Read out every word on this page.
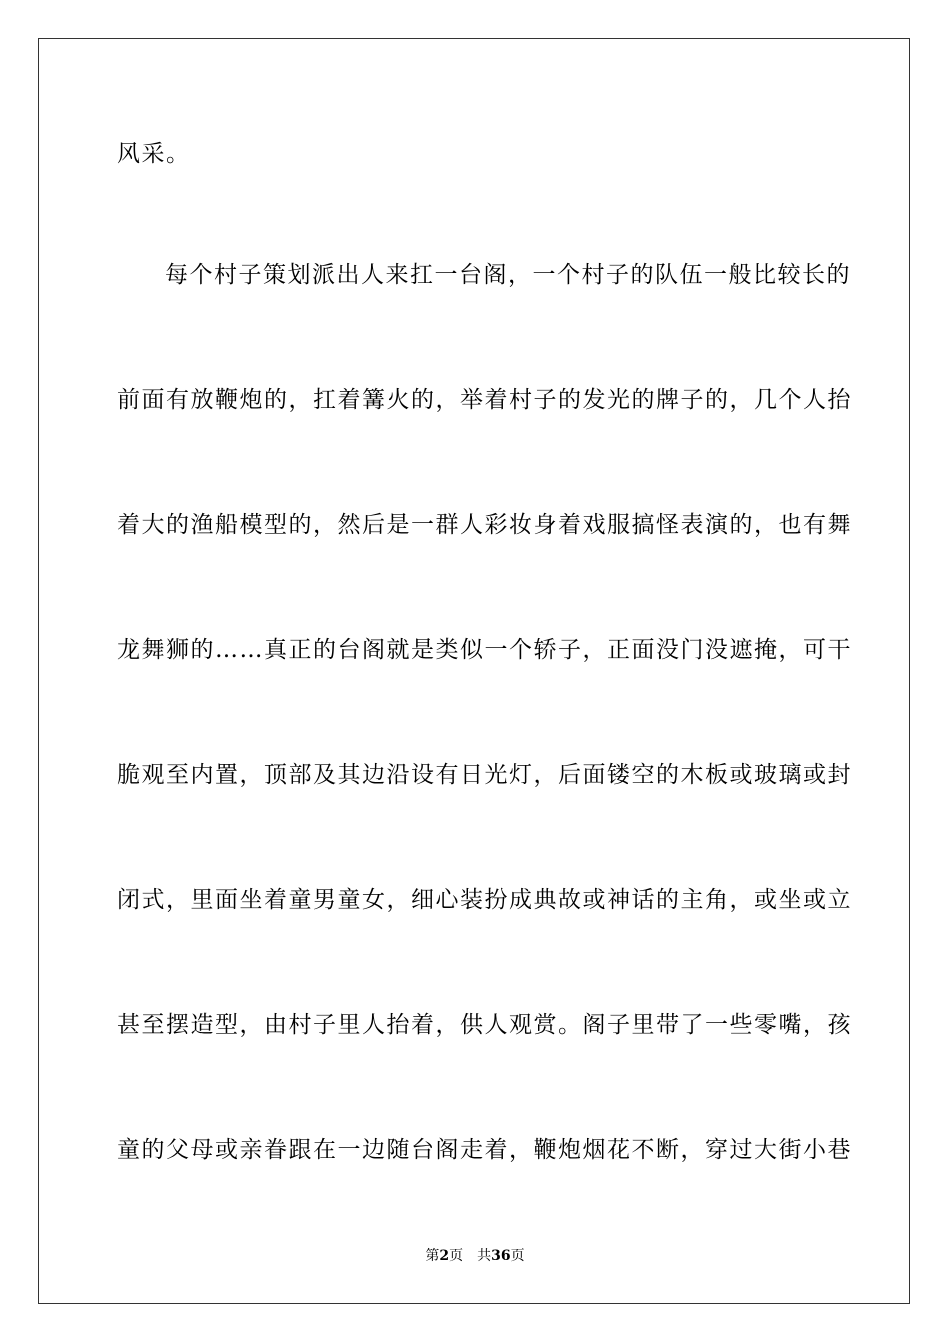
风采。
每个村子策划派出人来扛一台阁，一个村子的队伍一般比较长的
前面有放鞭炮的，扛着篝火的，举着村子的发光的牌子的，几个人抬
着大的渔船模型的，然后是一群人彩妆身着戏服搞怪表演的，也有舞
龙舞狮的……真正的台阁就是类似一个轿子，正面没门没遮掩，可干
脆观至内置，顶部及其边沿设有日光灯，后面镂空的木板或玻璃或封
闭式，里面坐着童男童女，细心装扮成典故或神话的主角，或坐或立
甚至摆造型，由村子里人抬着，供人观赏。阁子里带了一些零嘴，孩
童的父母或亲眷跟在一边随台阁走着，鞭炮烟花不断，穿过大街小巷
第2页 共36页
